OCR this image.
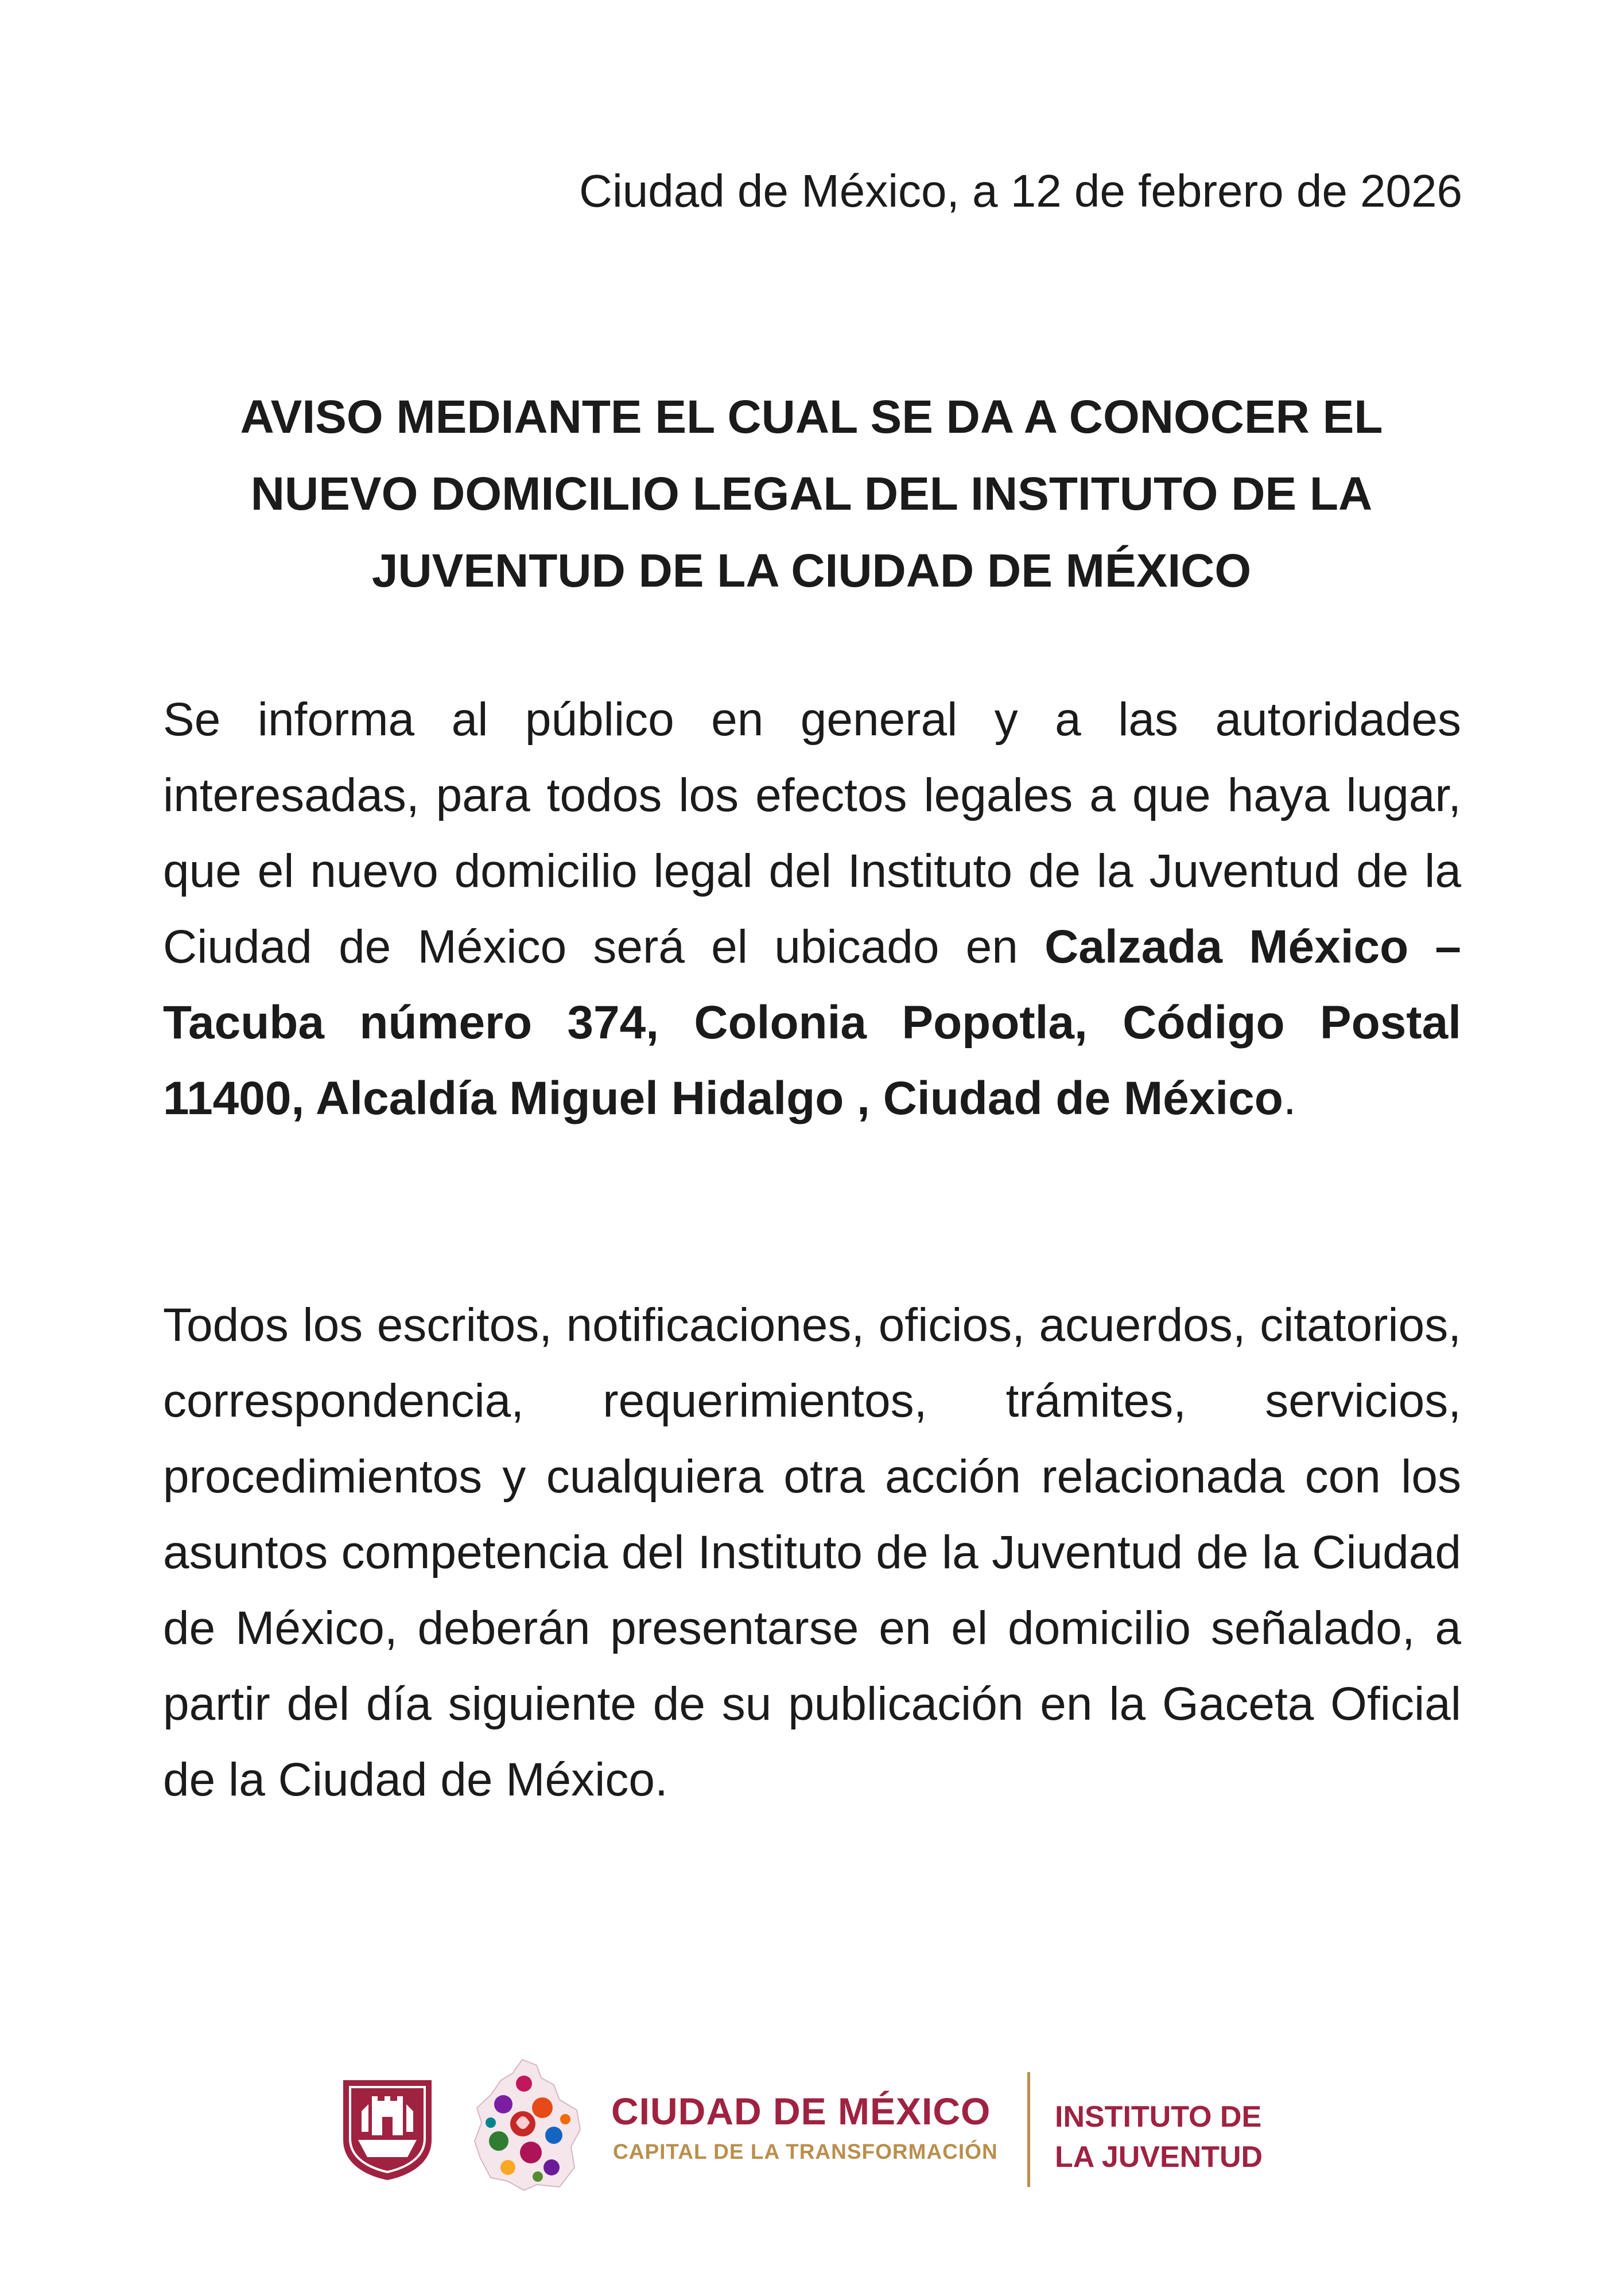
Ciudad de México, a 12 de febrero de 2026
AVISO MEDIANTE EL CUAL SE DA A CONOCER EL NUEVO DOMICILIO LEGAL DEL INSTITUTO DE LA JUVENTUD DE LA CIUDAD DE MÉXICO

Se informa al público en general y a las autoridades interesadas, para todos los efectos legales a que haya lugar, que el nuevo domicilio legal del Instituto de la Juventud de la Ciudad de México será el ubicado en Calzada México – Tacuba número 374, Colonia Popotla, Código Postal 11400, Alcaldía Miguel Hidalgo , Ciudad de México.

Todos los escritos, notificaciones, oficios, acuerdos, citatorios, correspondencia, requerimientos, trámites, servicios, procedimientos y cualquiera otra acción relacionada con los asuntos competencia del Instituto de la Juventud de la Ciudad de México, deberán presentarse en el domicilio señalado, a partir del día siguiente de su publicación en la Gaceta Oficial de la Ciudad de México.

CIUDAD DE MÉXICO
CAPITAL DE LA TRANSFORMACIÓN
INSTITUTO DE
LA JUVENTUD
